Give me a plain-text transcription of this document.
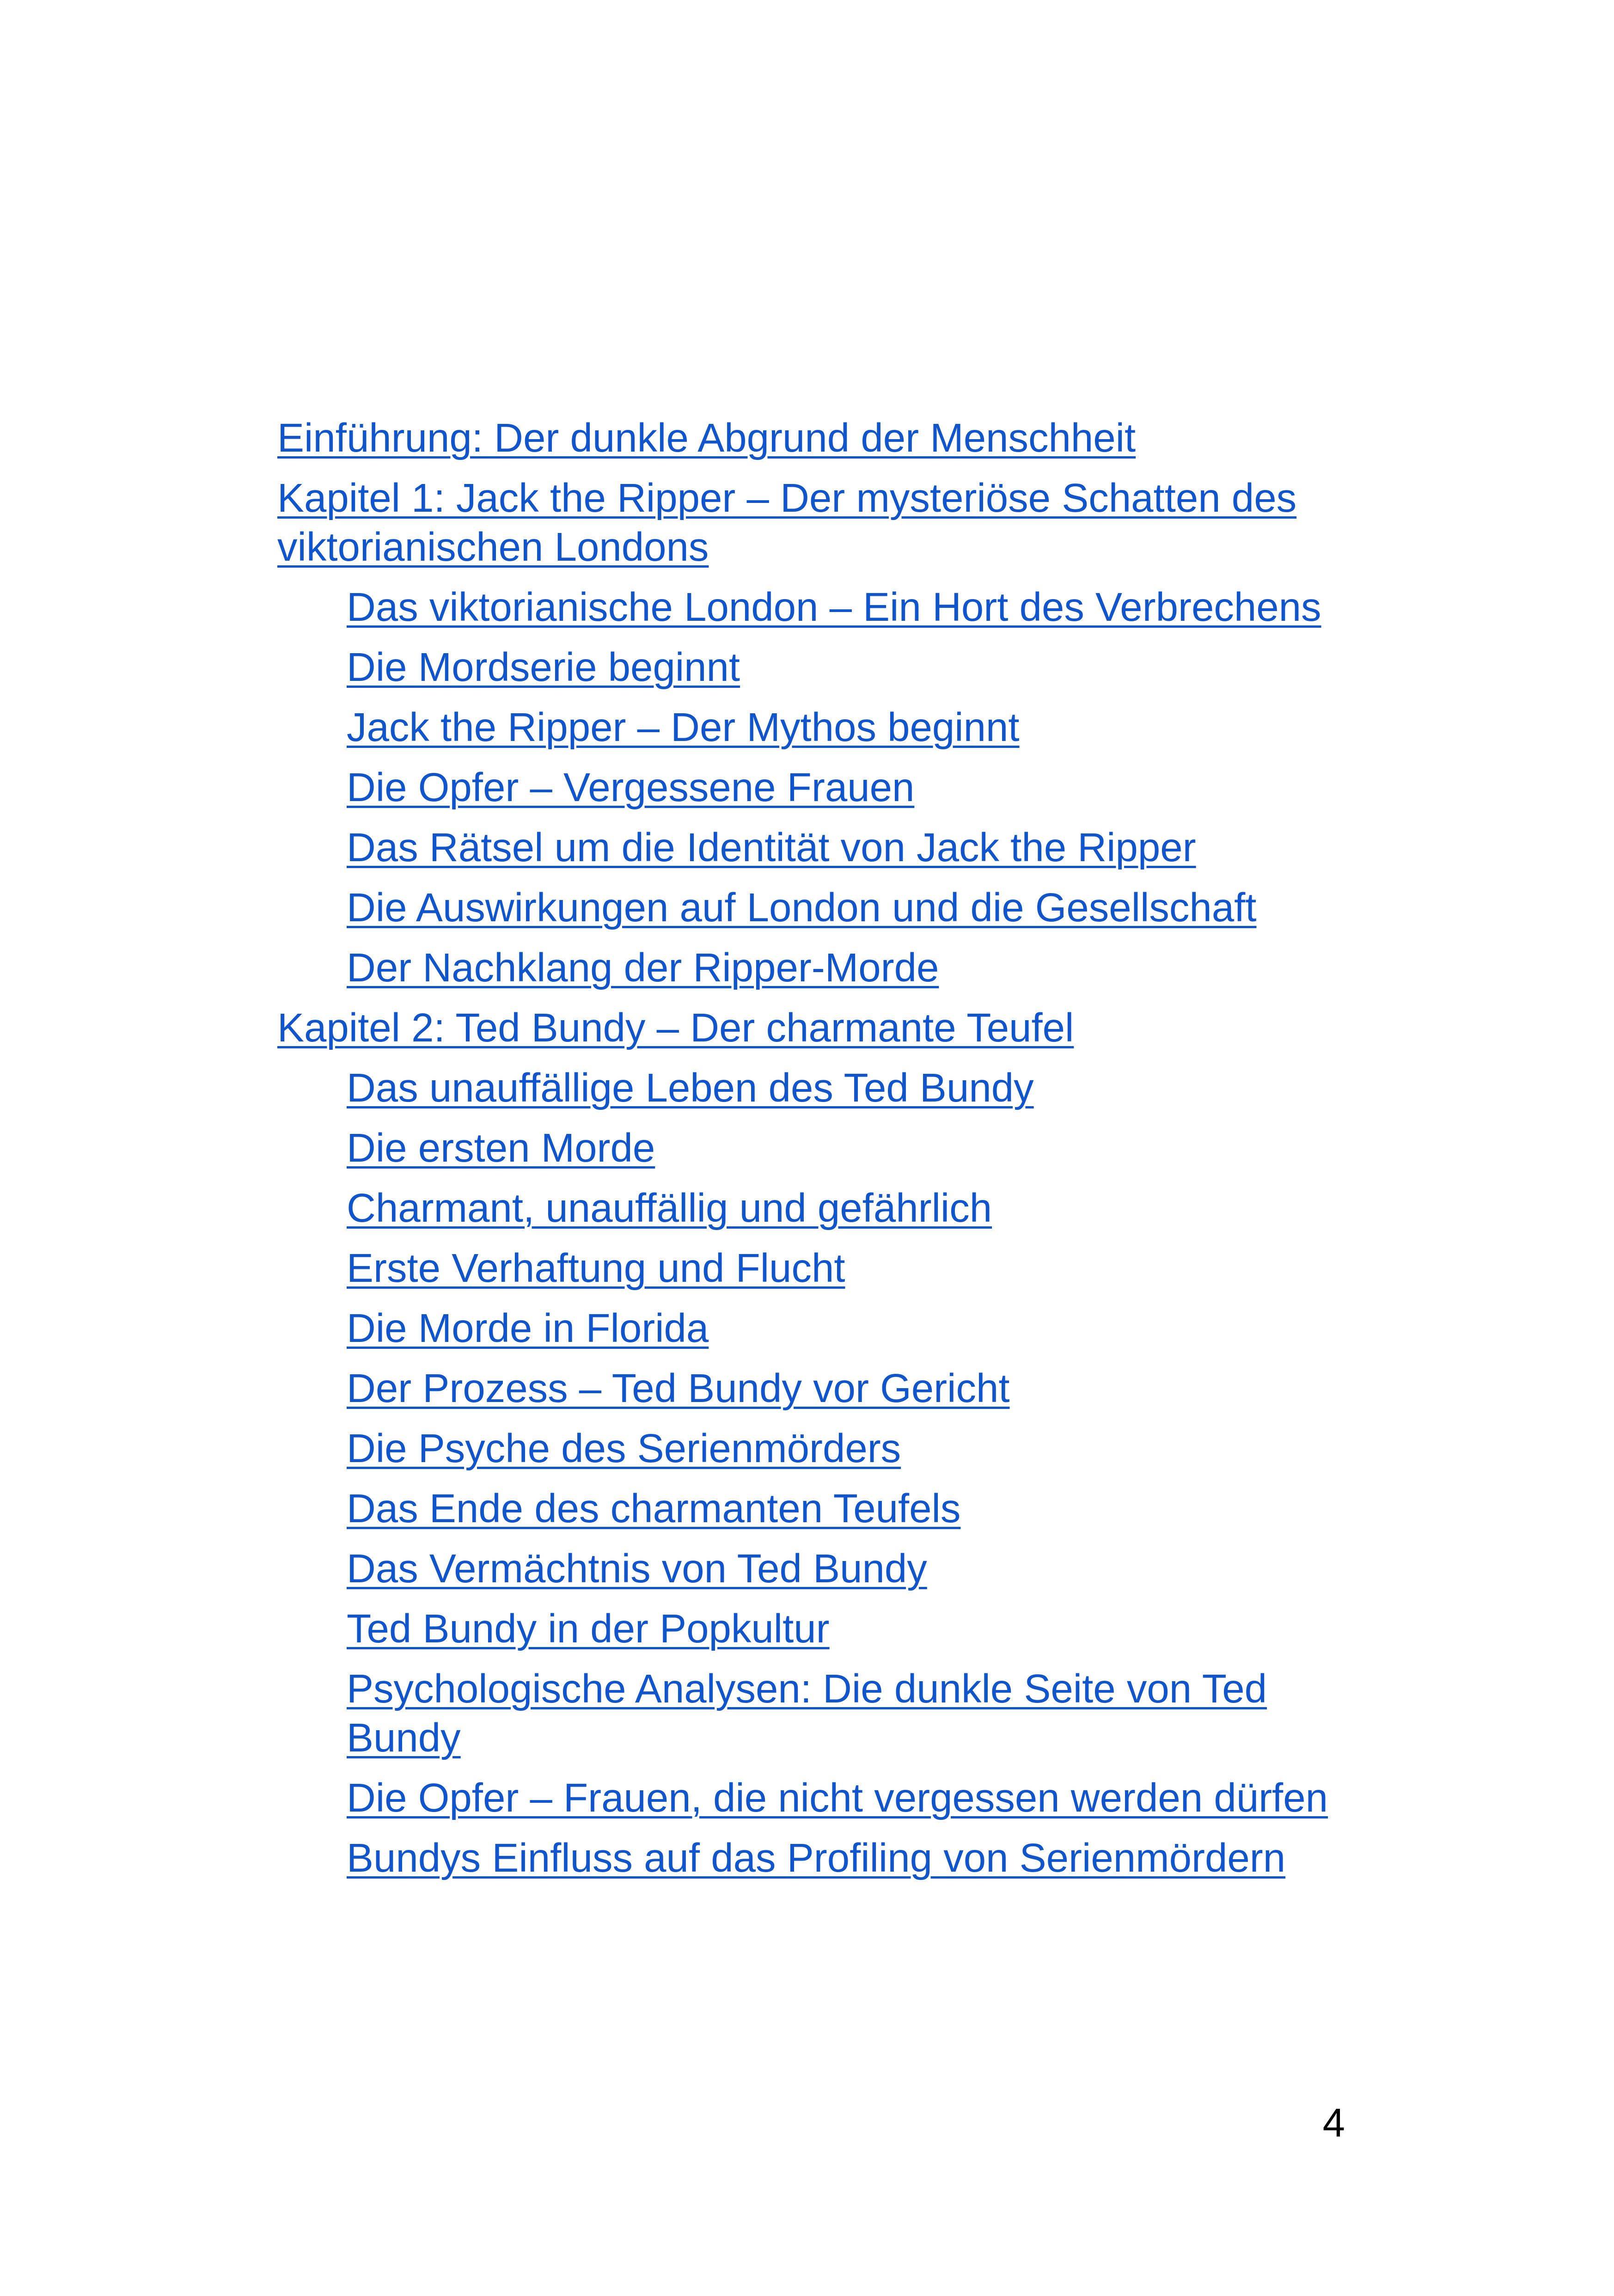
Einführung: Der dunkle Abgrund der Menschheit
Kapitel 1: Jack the Ripper – Der mysteriöse Schatten des viktorianischen Londons
Das viktorianische London – Ein Hort des Verbrechens
Die Mordserie beginnt
Jack the Ripper – Der Mythos beginnt
Die Opfer – Vergessene Frauen
Das Rätsel um die Identität von Jack the Ripper
Die Auswirkungen auf London und die Gesellschaft
Der Nachklang der Ripper-Morde
Kapitel 2: Ted Bundy – Der charmante Teufel
Das unauffällige Leben des Ted Bundy
Die ersten Morde
Charmant, unauffällig und gefährlich
Erste Verhaftung und Flucht
Die Morde in Florida
Der Prozess – Ted Bundy vor Gericht
Die Psyche des Serienmörders
Das Ende des charmanten Teufels
Das Vermächtnis von Ted Bundy
Ted Bundy in der Popkultur
Psychologische Analysen: Die dunkle Seite von Ted Bundy
Die Opfer – Frauen, die nicht vergessen werden dürfen
Bundys Einfluss auf das Profiling von Serienmördern
4
